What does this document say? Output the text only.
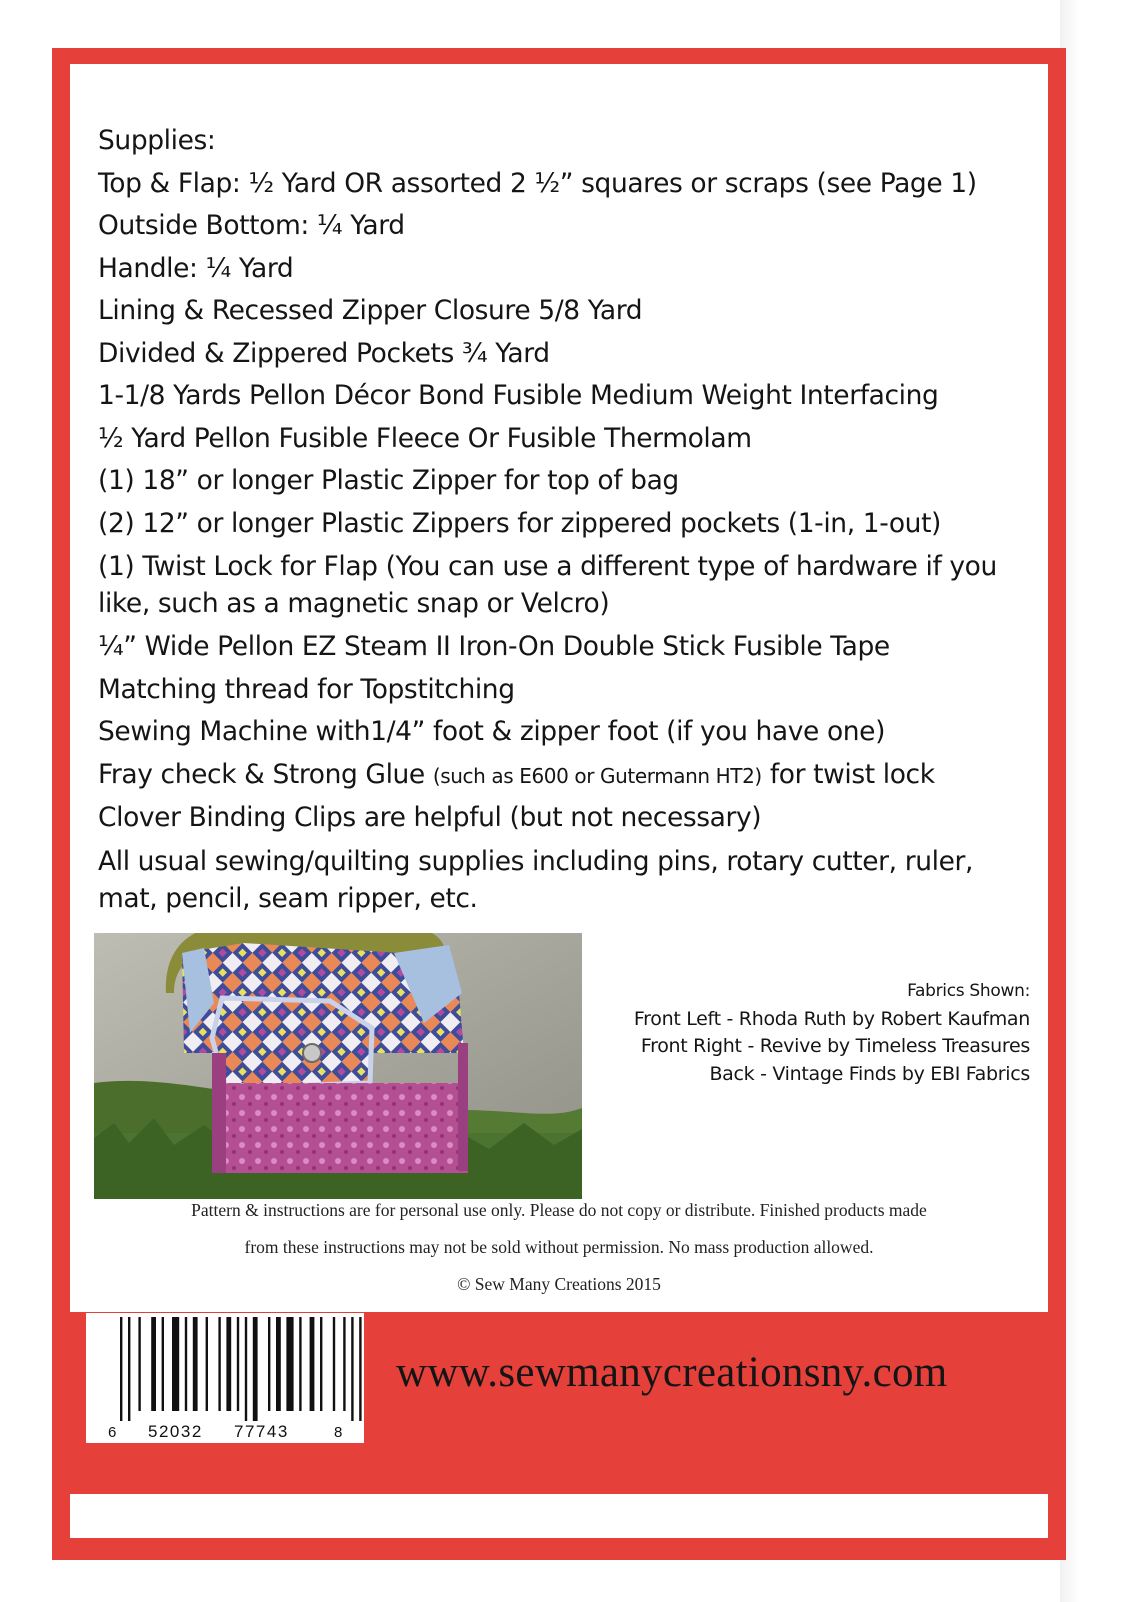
Supplies:
Top & Flap: ½ Yard OR assorted 2 ½” squares or scraps (see Page 1)
Outside Bottom: ¼ Yard
Handle: ¼ Yard
Lining & Recessed Zipper Closure 5/8 Yard
Divided & Zippered Pockets ¾ Yard
1-1/8 Yards Pellon Décor Bond Fusible Medium Weight Interfacing
½ Yard Pellon Fusible Fleece Or Fusible Thermolam
(1) 18” or longer Plastic Zipper for top of bag
(2) 12” or longer Plastic Zippers for zippered pockets (1-in, 1-out)
(1) Twist Lock for Flap (You can use a different type of hardware if you like, such as a magnetic snap or Velcro)
¼” Wide Pellon EZ Steam II Iron-On Double Stick Fusible Tape
Matching thread for Topstitching
Sewing Machine with1/4” foot & zipper foot (if you have one)
Fray check & Strong Glue (such as E600 or Gutermann HT2) for twist lock
Clover Binding Clips are helpful (but not necessary)
All usual sewing/quilting supplies including pins, rotary cutter, ruler, mat, pencil, seam ripper, etc.
Fabrics Shown:
Front Left - Rhoda Ruth by Robert Kaufman
Front Right - Revive by Timeless Treasures
Back - Vintage Finds by EBI Fabrics
Pattern & instructions are for personal use only. Please do not copy or distribute. Finished products made
from these instructions may not be sold without permission. No mass production allowed.
© Sew Many Creations 2015
6 52032 77743	8
www.sewmanycreationsny.com
